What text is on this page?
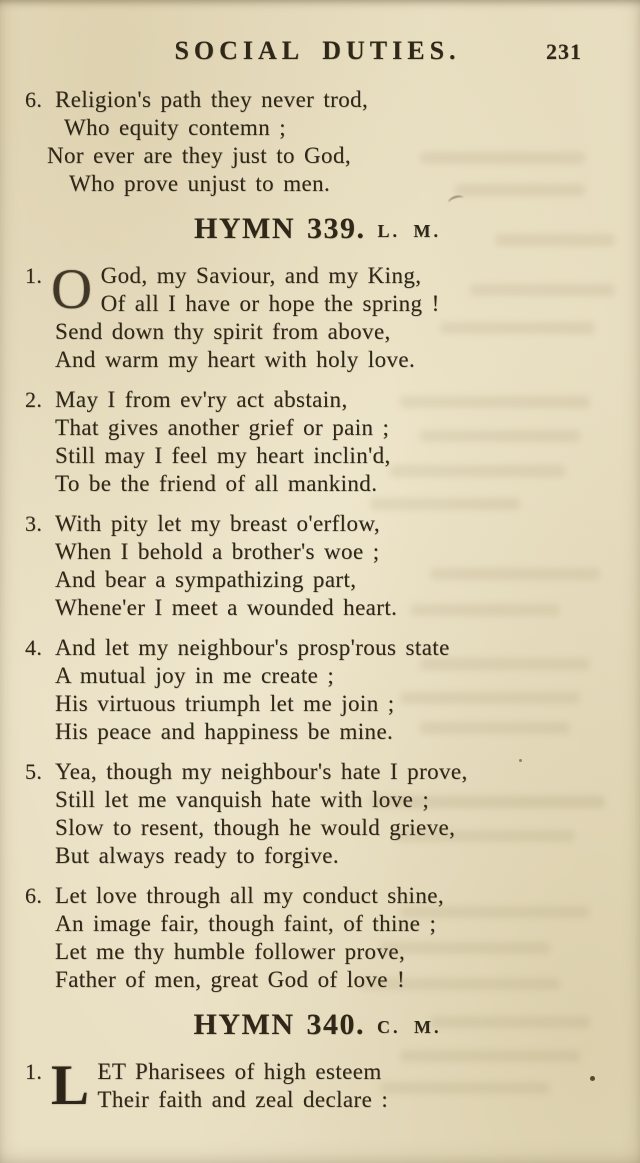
SOCIAL DUTIES.	231
6. Religion's path they never trod,
Who equity contemn ;
Nor ever are they just to God,
Who prove unjust to men.
HYMN 339. L. M.
1. O God, my Saviour, and my King,
Of all I have or hope the spring !
Send down thy spirit from above,
And warm my heart with holy love.
2. May I from ev'ry act abstain,
That gives another grief or pain ;
Still may I feel my heart inclin'd,
To be the friend of all mankind.
3. With pity let my breast o'erflow,
When I behold a brother's woe ;
And bear a sympathizing part,
Whene'er I meet a wounded heart.
4. And let my neighbour's prosp'rous state
A mutual joy in me create ;
His virtuous triumph let me join ;
His peace and happiness be mine.
5. Yea, though my neighbour's hate I prove,
Still let me vanquish hate with love ;
Slow to resent, though he would grieve,
But always ready to forgive.
6. Let love through all my conduct shine,
An image fair, though faint, of thine ;
Let me thy humble follower prove,
Father of men, great God of love !
HYMN 340. C. M.
1. L ET Pharisees of high esteem
Their faith and zeal declare :
